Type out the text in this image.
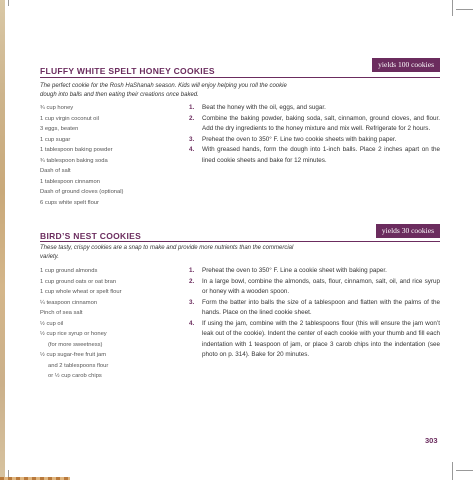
yields 100 cookies
FLUFFY WHITE SPELT HONEY COOKIES
The perfect cookie for the Rosh HaShanah season. Kids will enjoy helping you roll the cookie dough into balls and then eating their creations once baked.
¾ cup honey
1 cup virgin coconut oil
3 eggs, beaten
1 cup sugar
1 tablespoon baking powder
¾ tablespoon baking soda
Dash of salt
1 tablespoon cinnamon
Dash of ground cloves (optional)
6 cups white spelt flour
1. Beat the honey with the oil, eggs, and sugar.
2. Combine the baking powder, baking soda, salt, cinnamon, ground cloves, and flour. Add the dry ingredients to the honey mixture and mix well. Refrigerate for 2 hours.
3. Preheat the oven to 350° F. Line two cookie sheets with baking paper.
4. With greased hands, form the dough into 1-inch balls. Place 2 inches apart on the lined cookie sheets and bake for 12 minutes.
yields 30 cookies
BIRD’S NEST COOKIES
These tasty, crispy cookies are a snap to make and provide more nutrients than the commercial variety.
1 cup ground almonds
1 cup ground oats or oat bran
1 cup whole wheat or spelt flour
¼ teaspoon cinnamon
Pinch of sea salt
½ cup oil
½ cup rice syrup or honey
(for more sweetness)
½ cup sugar-free fruit jam
and 2 tablespoons flour
or ½ cup carob chips
1. Preheat the oven to 350° F. Line a cookie sheet with baking paper.
2. In a large bowl, combine the almonds, oats, flour, cinnamon, salt, oil, and rice syrup or honey with a wooden spoon.
3. Form the batter into balls the size of a tablespoon and flatten with the palms of the hands. Place on the lined cookie sheet.
4. If using the jam, combine with the 2 tablespoons flour (this will ensure the jam won’t leak out of the cookie). Indent the center of each cookie with your thumb and fill each indentation with 1 teaspoon of jam, or place 3 carob chips into the indentation (see photo on p. 314). Bake for 20 minutes.
303
